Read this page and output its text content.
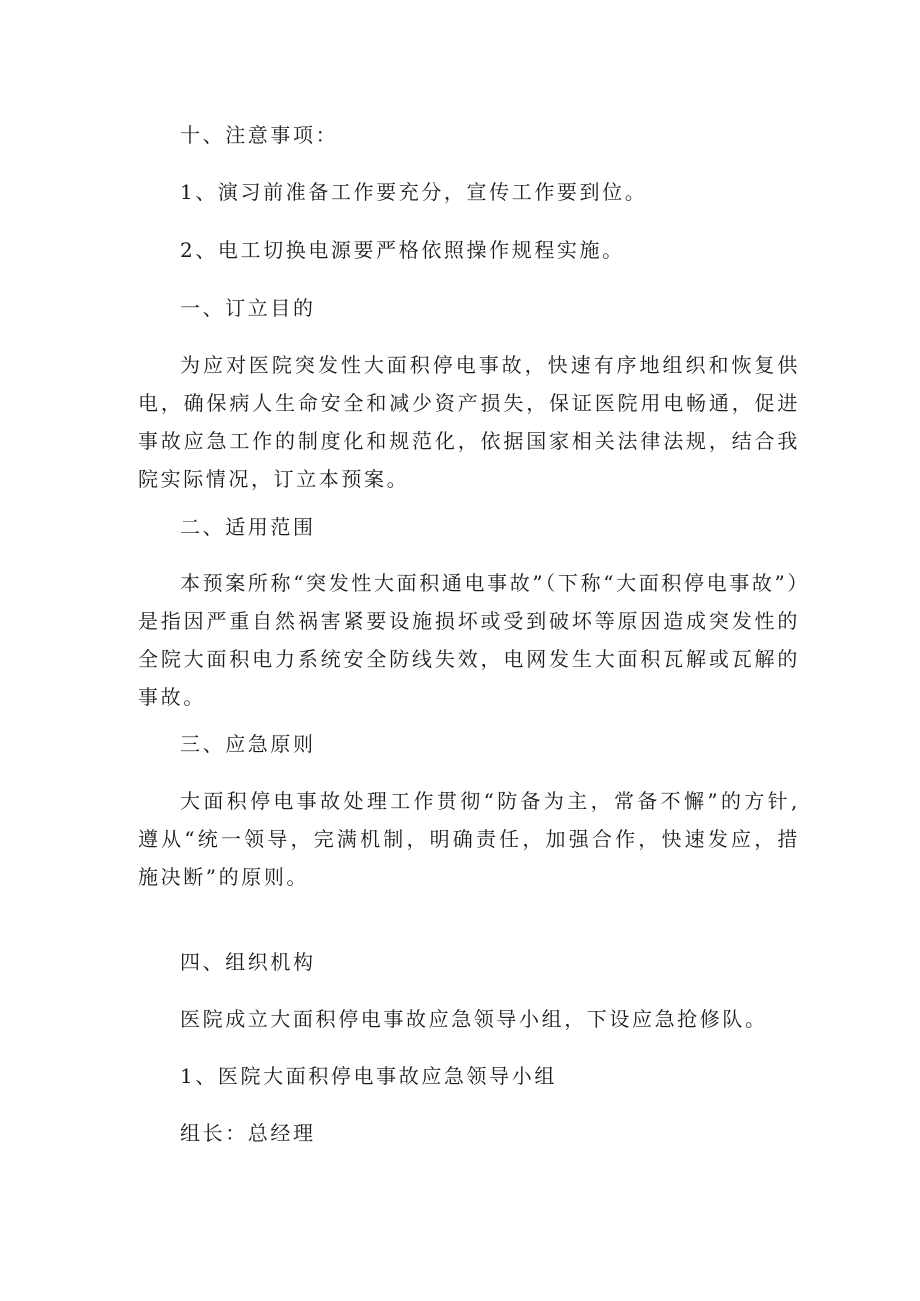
十、注意事项：

1、演习前准备工作要充分，宣传工作要到位。

2、电工切换电源要严格依照操作规程实施。

一、订立目的

为应对医院突发性大面积停电事故，快速有序地组织和恢复供电，确保病人生命安全和减少资产损失，保证医院用电畅通，促进事故应急工作的制度化和规范化，依据国家相关法律法规，结合我院实际情况，订立本预案。

二、适用范围

本预案所称“突发性大面积通电事故”（下称“大面积停电事故”）是指因严重自然祸害紧要设施损坏或受到破坏等原因造成突发性的全院大面积电力系统安全防线失效，电网发生大面积瓦解或瓦解的事故。

三、应急原则

大面积停电事故处理工作贯彻“防备为主，常备不懈”的方针,遵从“统一领导，完满机制，明确责任，加强合作，快速发应，措施决断”的原则。

四、组织机构

医院成立大面积停电事故应急领导小组，下设应急抢修队。

1、医院大面积停电事故应急领导小组

组长：总经理
